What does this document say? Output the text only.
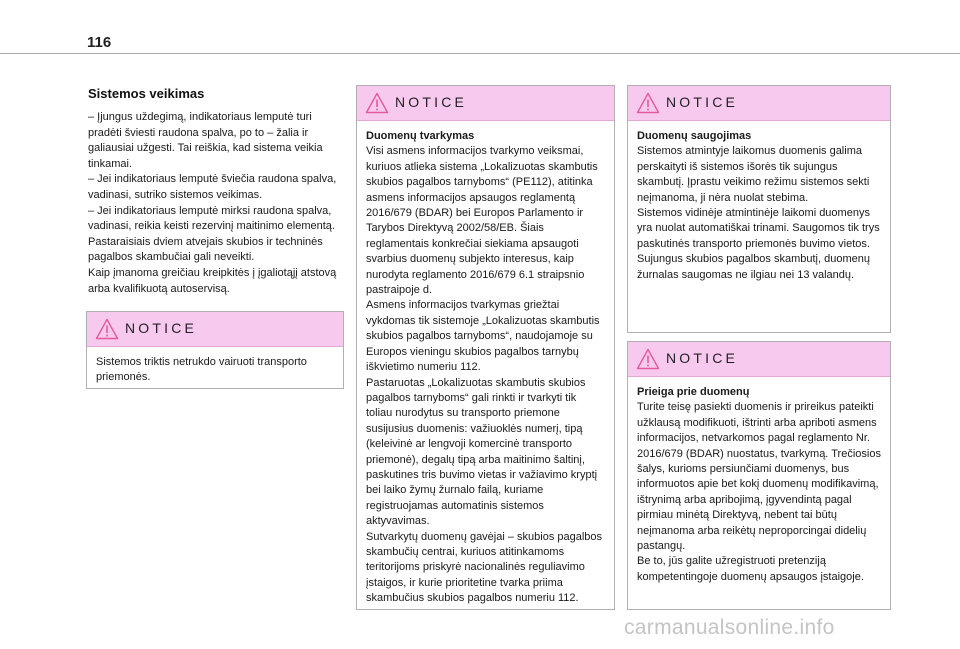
116
Sistemos veikimas

– Įjungus uždegimą, indikatoriaus lemputė turi pradėti šviesti raudona spalva, po to – žalia ir galiausiai užgesti. Tai reiškia, kad sistema veikia tinkamai.
– Jei indikatoriaus lemputė šviečia raudona spalva, vadinasi, sutriko sistemos veikimas.
– Jei indikatoriaus lemputė mirksi raudona spalva, vadinasi, reikia keisti rezervinį maitinimo elementą.
Pastaraisiais dviem atvejais skubios ir techninės pagalbos skambučiai gali neveikti.
Kaip įmanoma greičiau kreipkitės į įgaliotąjį atstovą arba kvalifikuotą autoservisą.

NOTICE

Sistemos triktis netrukdo vairuoti transporto priemonės.

NOTICE

Duomenų tvarkymas

Visi asmens informacijos tvarkymo veiksmai, kuriuos atlieka sistema „Lokalizuotas skambutis skubios pagalbos tarnyboms“ (PE112), atitinka asmens informacijos apsaugos reglamentą 2016/679 (BDAR) bei Europos Parlamento ir Tarybos Direktyvą 2002/58/EB. Šiais reglamentais konkrečiai siekiama apsaugoti svarbius duomenų subjekto interesus, kaip nurodyta reglamento 2016/679 6.1 straipsnio pastraipoje d.
Asmens informacijos tvarkymas griežtai vykdomas tik sistemoje „Lokalizuotas skambutis skubios pagalbos tarnyboms“, naudojamoje su Europos vieningu skubios pagalbos tarnybų iškvietimo numeriu 112.
Pastaruotas „Lokalizuotas skambutis skubios pagalbos tarnyboms“ gali rinkti ir tvarkyti tik toliau nurodytus su transporto priemone susijusius duomenis: važiuoklės numerį, tipą (keleivinė ar lengvoji komercinė transporto priemonė), degalų tipą arba maitinimo šaltinį, paskutines tris buvimo vietas ir važiavimo kryptį bei laiko žymų žurnalo failą, kuriame registruojamas automatinis sistemos aktyvavimas.
Sutvarkytų duomenų gavėjai – skubios pagalbos skambučių centrai, kuriuos atitinkamoms teritorijoms priskyrė nacionalinės reguliavimo įstaigos, ir kurie prioritetine tvarka priima skambučius skubios pagalbos numeriu 112.

NOTICE

Duomenų saugojimas

Sistemos atmintyje laikomus duomenis galima perskaityti iš sistemos išorės tik sujungus skambutį. Įprastu veikimo režimu sistemos sekti neįmanoma, ji nėra nuolat stebima.
Sistemos vidinėje atmintinėje laikomi duomenys yra nuolat automatiškai trinami. Saugomos tik trys paskutinės transporto priemonės buvimo vietos.
Sujungus skubios pagalbos skambutį, duomenų žurnalas saugomas ne ilgiau nei 13 valandų.

NOTICE

Prieiga prie duomenų

Turite teisę pasiekti duomenis ir prireikus pateikti užklausą modifikuoti, ištrinti arba apriboti asmens informacijos, netvarkomos pagal reglamento Nr. 2016/679 (BDAR) nuostatus, tvarkymą. Trečiosios šalys, kurioms persiunčiami duomenys, bus informuotos apie bet kokį duomenų modifikavimą, ištrynimą arba apribojimą, įgyvendintą pagal pirmiau minėtą Direktyvą, nebent tai būtų neįmanoma arba reikėtų neproporcingai didelių pastangų.
Be to, jūs galite užregistruoti pretenziją kompetentingoje duomenų apsaugos įstaigoje.

carmanualsonline.info
